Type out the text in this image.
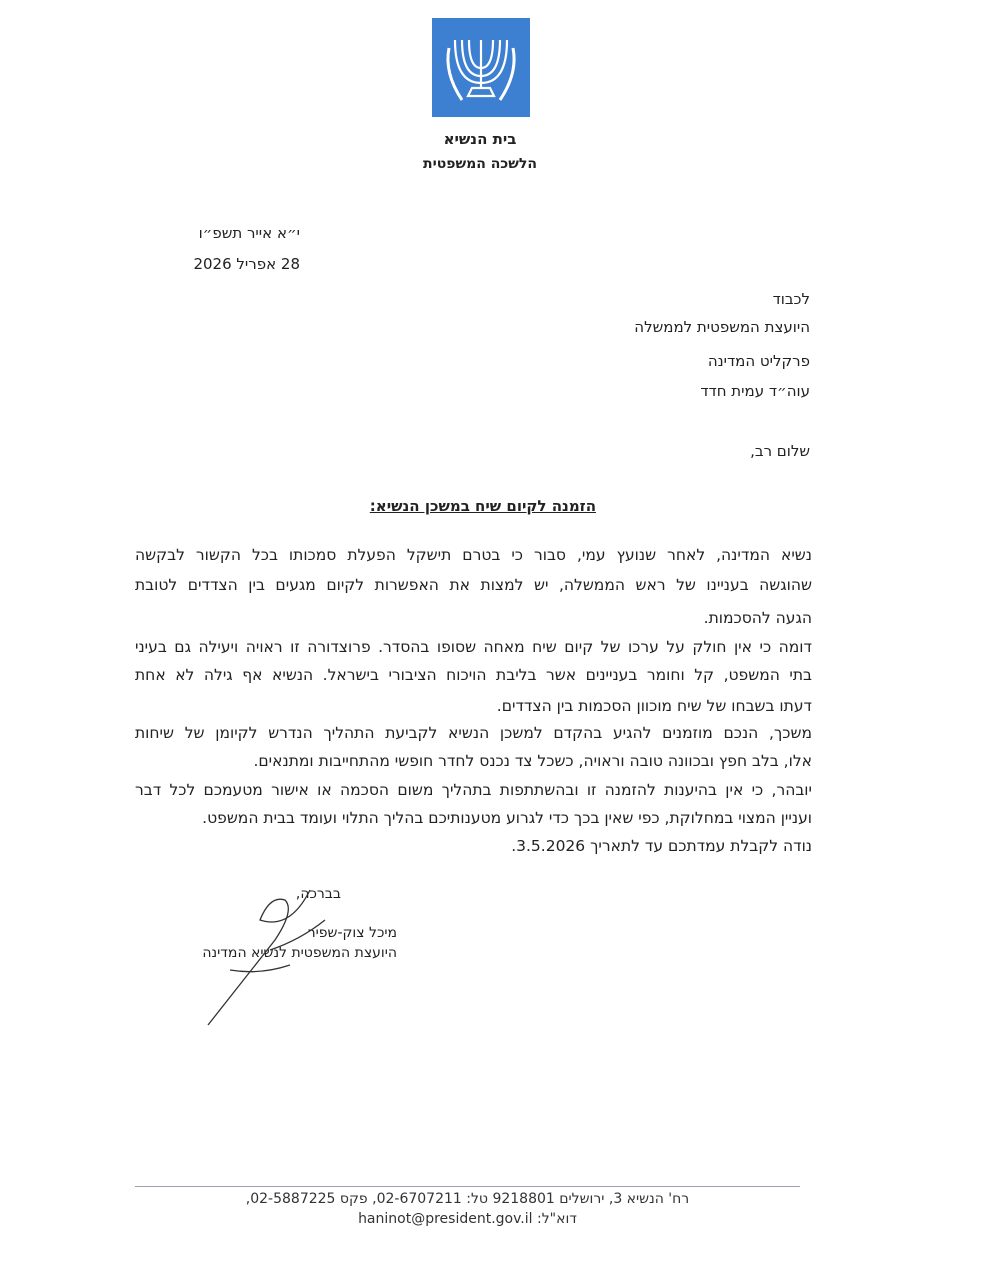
בית הנשיא
הלשכה המשפטית
י״א אייר תשפ״ו
28 אפריל 2026
לכבוד
היועצת המשפטית לממשלה
פרקליט המדינה
עוה״ד עמית חדד
שלום רב,
הזמנה לקיום שיח במשכן הנשיא:
נשיא המדינה, לאחר שנועץ עמי, סבור כי בטרם תישקל הפעלת סמכותו בכל הקשור לבקשה
שהוגשה בעניינו של ראש הממשלה, יש למצות את האפשרות לקיום מגעים בין הצדדים לטובת
הגעה להסכמות.
דומה כי אין חולק על ערכו של קיום שיח מאחה שסופו בהסדר. פרוצדורה זו ראויה ויעילה גם בעיני
בתי המשפט, קל וחומר בעניינים אשר בליבת הויכוח הציבורי בישראל. הנשיא אף גילה לא אחת
דעתו בשבחו של שיח מוכוון הסכמות בין הצדדים.
משכך, הנכם מוזמנים להגיע בהקדם למשכן הנשיא לקביעת התהליך הנדרש לקיומן של שיחות
אלו, בלב חפץ ובכוונה טובה וראויה, כשכל צד נכנס לחדר חופשי מהתחייבות ומתנאים.
יובהר, כי אין בהיענות להזמנה זו ובהשתתפות בתהליך משום הסכמה או אישור מטעמכם לכל דבר
ועניין המצוי במחלוקת, כפי שאין בכך כדי לגרוע מטענותיכם בהליך התלוי ועומד בבית המשפט.
נודה לקבלת עמדתכם עד לתאריך 3.5.2026.
בברכה,
מיכל צוק-שפיר
היועצת המשפטית לנשיא המדינה
רח' הנשיא 3, ירושלים 9218801 טל: 02-6707211, פקס 02-5887225,
דוא"ל: haninot@president.gov.il
